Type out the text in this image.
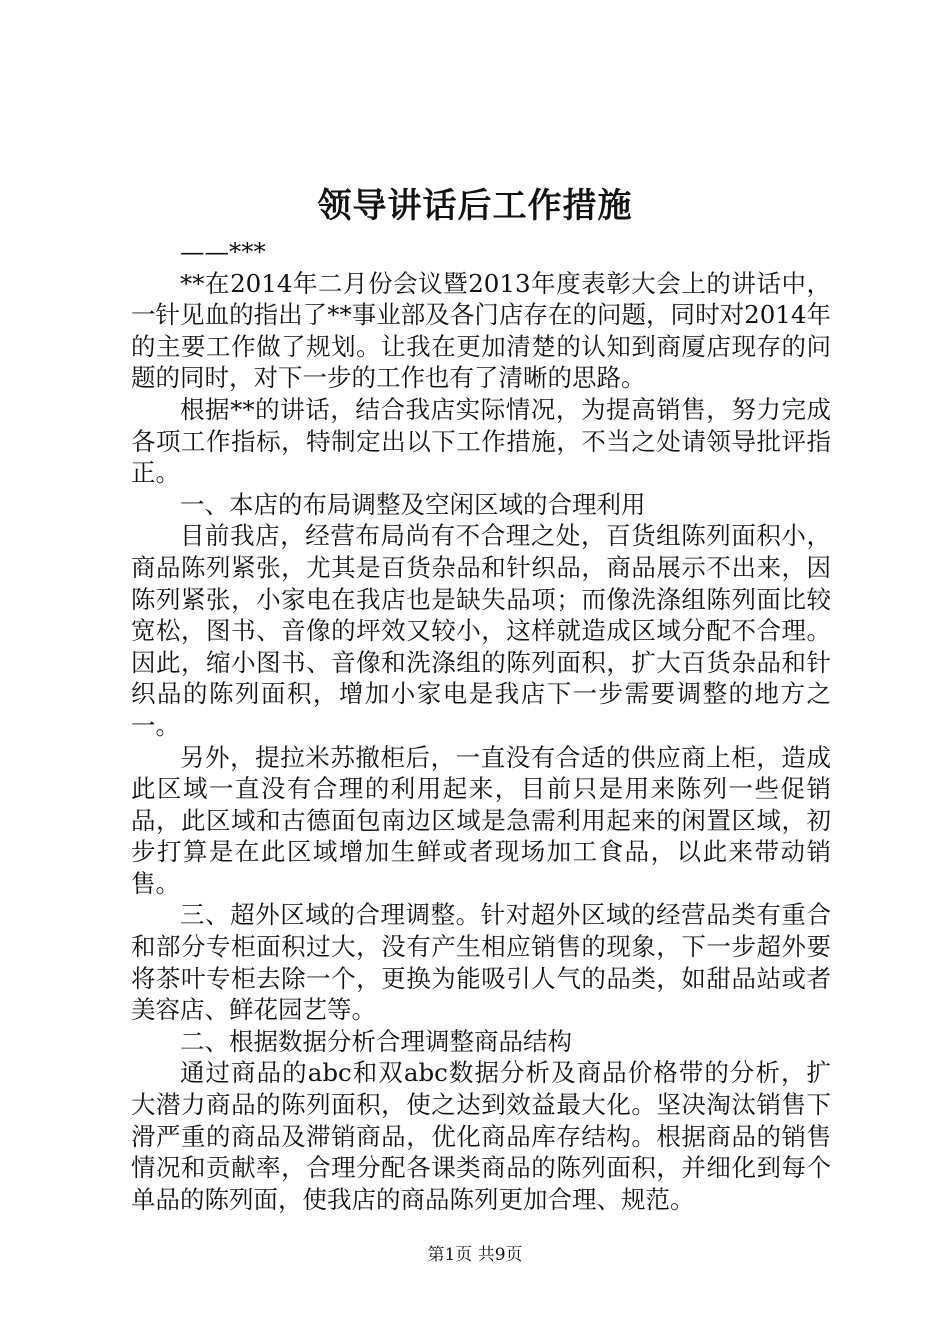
领导讲话后工作措施

——***

**在2014年二月份会议暨2013年度表彰大会上的讲话中，一针见血的指出了**事业部及各门店存在的问题，同时对2014年的主要工作做了规划。让我在更加清楚的认知到商厦店现存的问题的同时，对下一步的工作也有了清晰的思路。

根据**的讲话，结合我店实际情况，为提高销售，努力完成各项工作指标，特制定出以下工作措施，不当之处请领导批评指正。

一、本店的布局调整及空闲区域的合理利用

目前我店，经营布局尚有不合理之处，百货组陈列面积小，商品陈列紧张，尤其是百货杂品和针织品，商品展示不出来，因陈列紧张，小家电在我店也是缺失品项；而像洗涤组陈列面比较宽松，图书、音像的坪效又较小，这样就造成区域分配不合理。因此，缩小图书、音像和洗涤组的陈列面积，扩大百货杂品和针织品的陈列面积，增加小家电是我店下一步需要调整的地方之一。

另外，提拉米苏撤柜后，一直没有合适的供应商上柜，造成此区域一直没有合理的利用起来，目前只是用来陈列一些促销品，此区域和古德面包南边区域是急需利用起来的闲置区域，初步打算是在此区域增加生鲜或者现场加工食品，以此来带动销售。

三、超外区域的合理调整。针对超外区域的经营品类有重合和部分专柜面积过大，没有产生相应销售的现象，下一步超外要将茶叶专柜去除一个，更换为能吸引人气的品类，如甜品站或者美容店、鲜花园艺等。

二、根据数据分析合理调整商品结构

通过商品的abc和双abc数据分析及商品价格带的分析，扩大潜力商品的陈列面积，使之达到效益最大化。坚决淘汰销售下滑严重的商品及滞销商品，优化商品库存结构。根据商品的销售情况和贡献率，合理分配各课类商品的陈列面积，并细化到每个单品的陈列面，使我店的商品陈列更加合理、规范。

第1页 共9页
